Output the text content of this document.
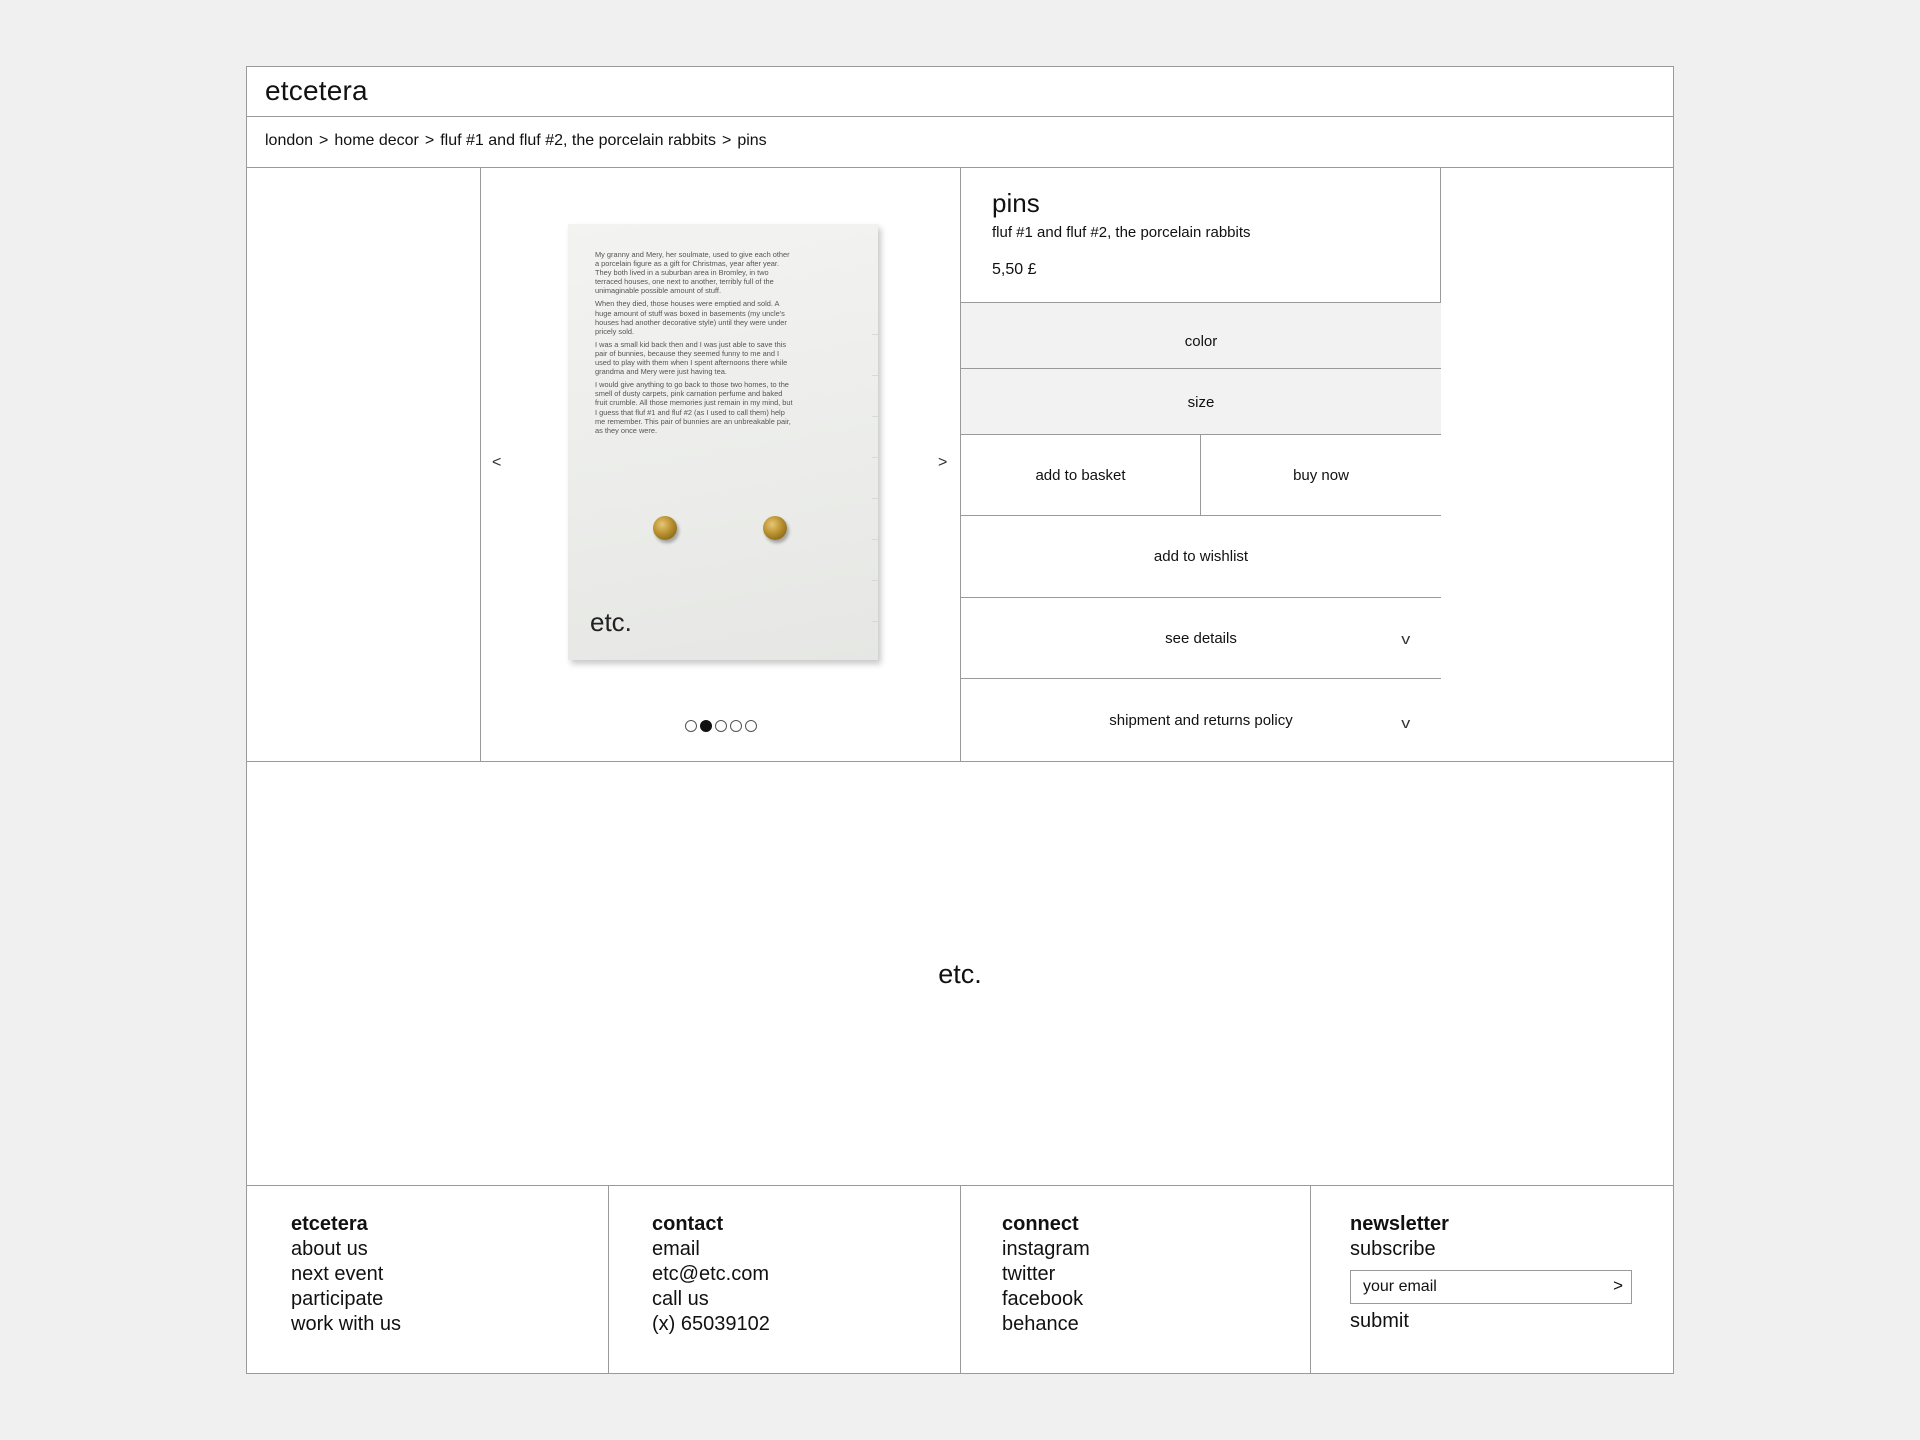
etcetera
london > home decor > fluf #1 and fluf #2, the porcelain rabbits > pins
<	>

My granny and Mery, her soulmate, used to give each other a porcelain figure as a gift for Christmas, year after year. They both lived in a suburban area in Bromley, in two terraced houses, one next to another, terribly full of the unimaginable possible amount of stuff.

When they died, those houses were emptied and sold. A huge amount of stuff was boxed in basements (my uncle's houses had another decorative style) until they were under pricely sold.

I was a small kid back then and I was just able to save this pair of bunnies, because they seemed funny to me and I used to play with them when I spent afternoons there while grandma and Mery were just having tea.

I would give anything to go back to those two homes, to the smell of dusty carpets, pink carnation perfume and baked fruit crumble. All those memories just remain in my mind, but I guess that fluf #1 and fluf #2 (as I used to call them) help me remember. This pair of bunnies are an unbreakable pair, as they once were.

etc.
pins
fluf #1 and fluf #2, the porcelain rabbits
5,50 £
color
size
add to basket	buy now
add to wishlist
see details	v
shipment and returns policy	v
etc.
etcetera
about us
next event
participate
work with us
contact
email
etc@etc.com
call us
(x) 65039102
connect
instagram
twitter
facebook
behance
newsletter
subscribe
your email
>
submit
